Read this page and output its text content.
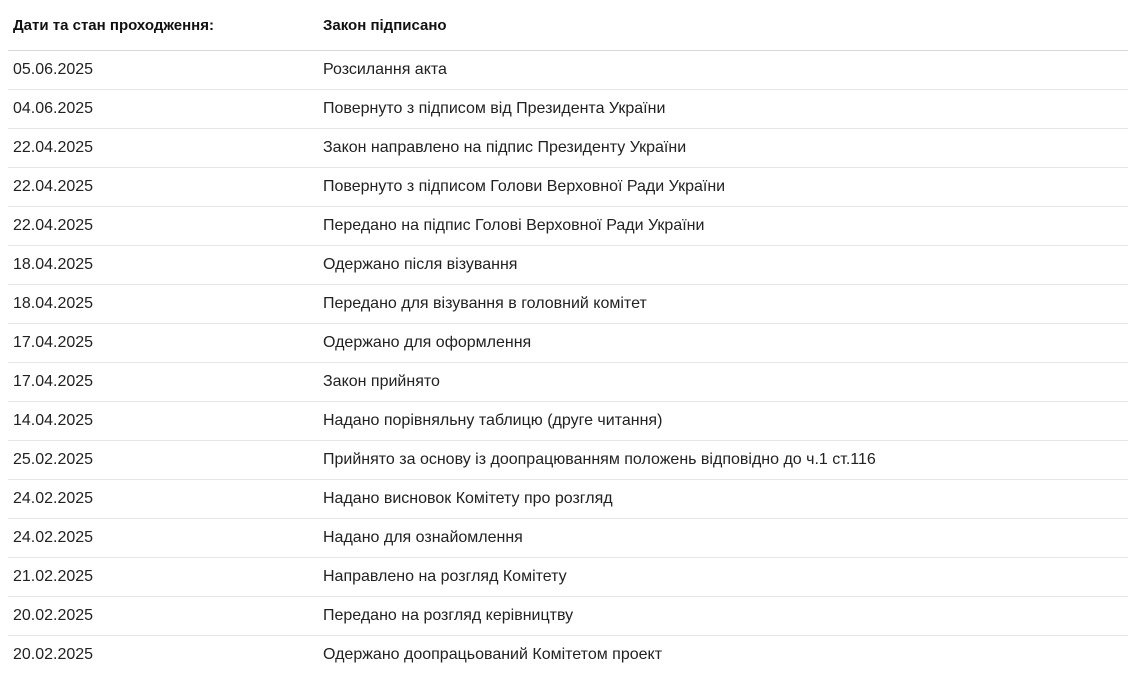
Дати та стан проходження:	Закон підписано
05.06.2025	Розсилання акта
04.06.2025	Повернуто з підписом від Президента України
22.04.2025	Закон направлено на підпис Президенту України
22.04.2025	Повернуто з підписом Голови Верховної Ради України
22.04.2025	Передано на підпис Голові Верховної Ради України
18.04.2025	Одержано після візування
18.04.2025	Передано для візування в головний комітет
17.04.2025	Одержано для оформлення
17.04.2025	Закон прийнято
14.04.2025	Надано порівняльну таблицю (друге читання)
25.02.2025	Прийнято за основу із доопрацюванням положень відповідно до ч.1 ст.116
24.02.2025	Надано висновок Комітету про розгляд
24.02.2025	Надано для ознайомлення
21.02.2025	Направлено на розгляд Комітету
20.02.2025	Передано на розгляд керівництву
20.02.2025	Одержано доопрацьований Комітетом проект
